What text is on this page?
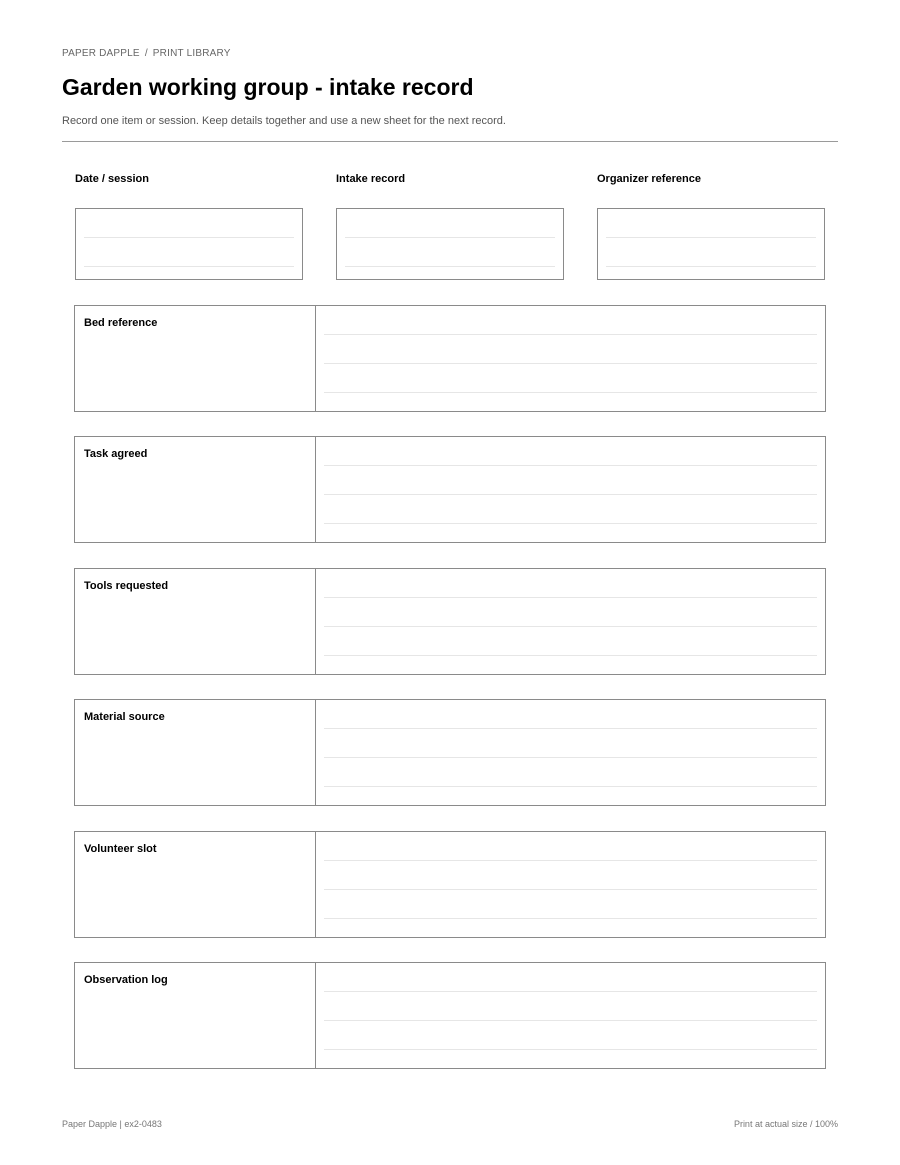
PAPER DAPPLE / PRINT LIBRARY
Garden working group - intake record
Record one item or session. Keep details together and use a new sheet for the next record.
Date / session	Intake record	Organizer reference
Bed reference
Task agreed
Tools requested
Material source
Volunteer slot
Observation log
Paper Dapple | ex2-0483	Print at actual size / 100%
